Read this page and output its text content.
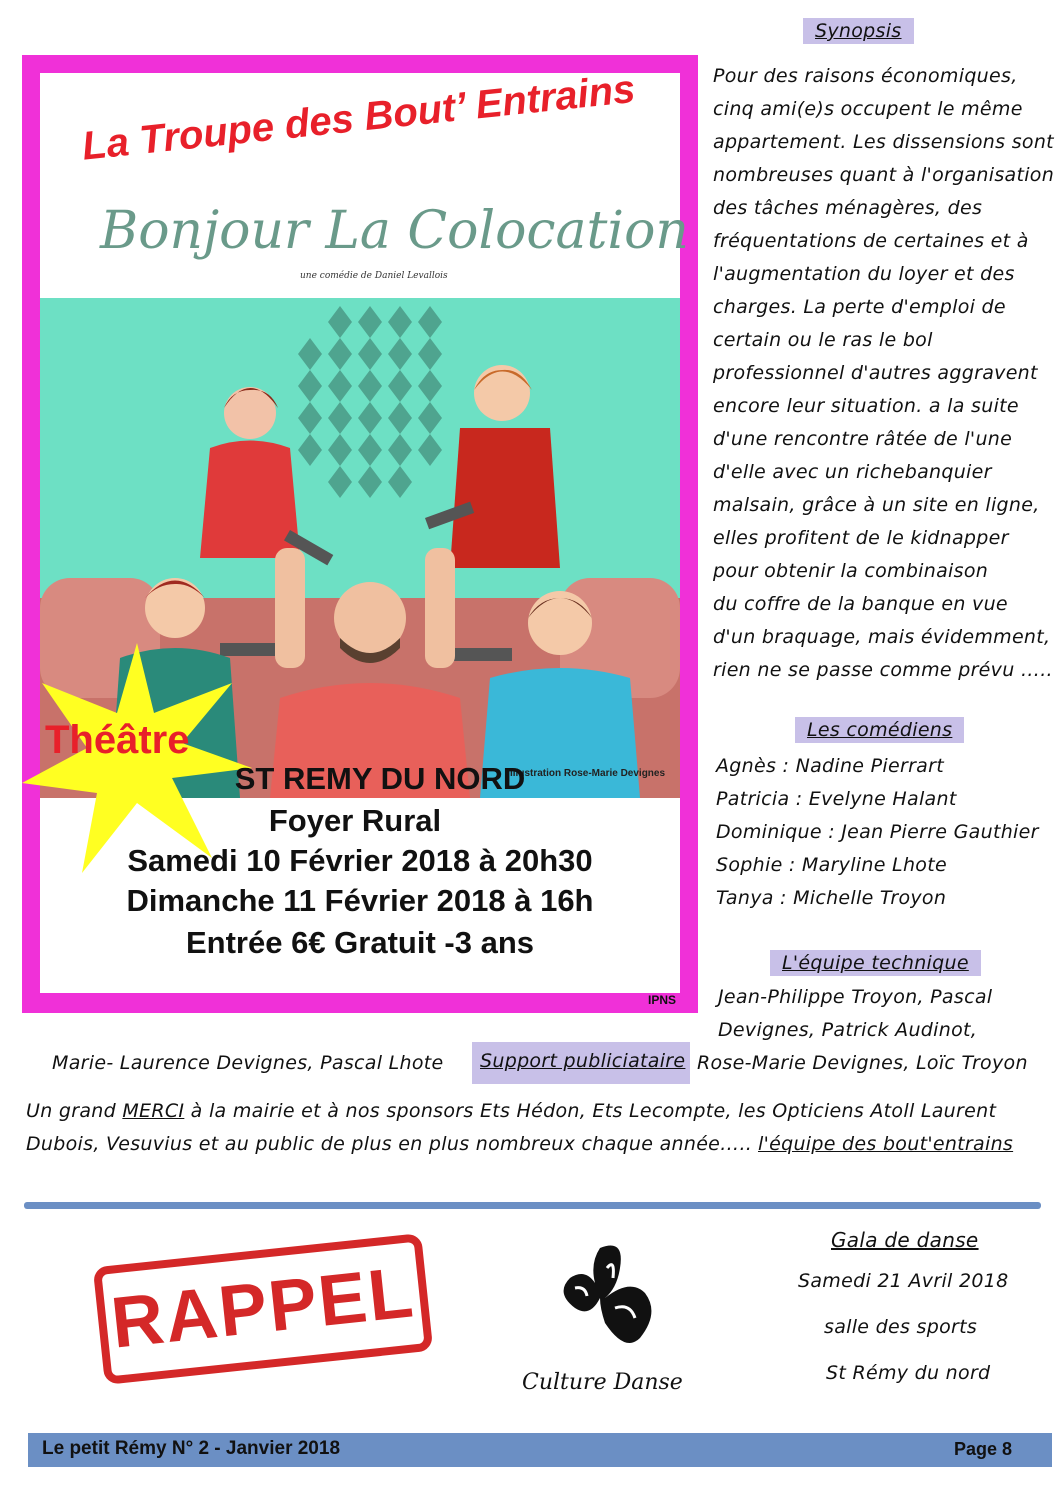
La Troupe des Bout’ Entrains
Bonjour La Colocation
une comédie de Daniel Levallois
Théâtre
Illustration Rose-Marie Devignes
ST REMY DU NORD
Foyer Rural
Samedi 10 Février 2018 à 20h30
Dimanche 11 Février 2018 à 16h
Entrée 6€ Gratuit -3 ans
IPNS
Synopsis
Pour des raisons économiques,
cinq ami(e)s occupent le même
appartement. Les dissensions sont
nombreuses quant à l'organisation
des tâches ménagères, des
fréquentations de certaines et à
l'augmentation du loyer et des
charges. La perte d'emploi de
certain ou le ras le bol
professionnel d'autres aggravent
encore leur situation. a la suite
d'une rencontre râtée de l'une
d'elle avec un richebanquier
malsain, grâce à un site en ligne,
elles profitent de le kidnapper
pour obtenir la combinaison
du coffre de la banque en vue
d'un braquage, mais évidemment,
rien ne se passe comme prévu …..
Les comédiens
Agnès : Nadine Pierrart
Patricia : Evelyne Halant
Dominique : Jean Pierre Gauthier
Sophie : Maryline Lhote
Tanya : Michelle Troyon
L'équipe technique
Jean-Philippe Troyon, Pascal
Devignes, Patrick Audinot,
Marie- Laurence Devignes, Pascal Lhote Support publiciataire Rose-Marie Devignes, Loïc Troyon
Un grand MERCI à la mairie et à nos sponsors Ets Hédon, Ets Lecompte, les Opticiens Atoll Laurent
Dubois, Vesuvius et au public de plus en plus nombreux chaque année….. l'équipe des bout'entrains
RAPPEL
Culture Danse
Gala de danse
Samedi 21 Avril 2018
salle des sports
St Rémy du nord
Le petit Rémy N° 2 - Janvier 2018	Page 8
